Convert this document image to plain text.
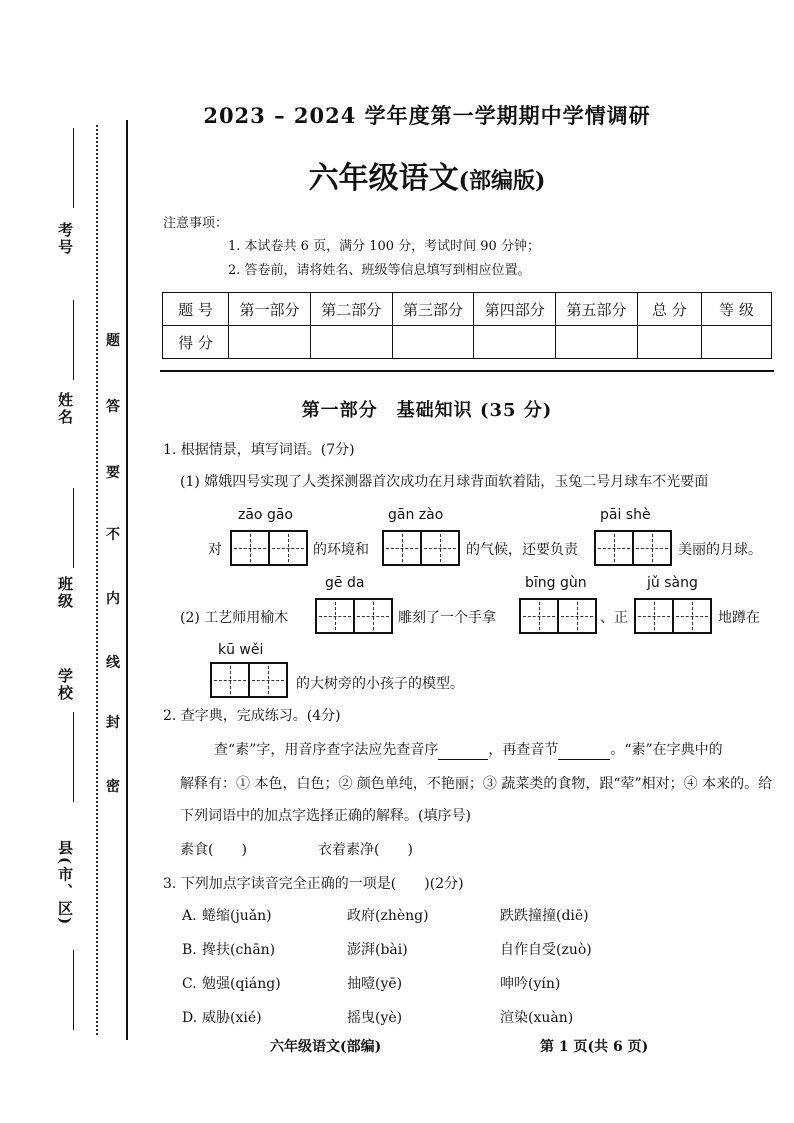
考号
姓名
班级
学校
县(市、区)
题
答
要
不
内
线
封
密
2023 – 2024 学年度第一学期期中学情调研
六年级语文(部编版)
注意事项：
1. 本试卷共 6 页，满分 100 分，考试时间 90 分钟；
2. 答卷前，请将姓名、班级等信息填写到相应位置。
题 号	第一部分	第二部分	第三部分	第四部分	第五部分	总 分	等 级
得 分							
第一部分　基础知识 (35 分)
1. 根据情景，填写词语。(7分)
(1) 嫦娥四号实现了人类探测器首次成功在月球背面软着陆，玉兔二号月球车不光要面
zāo gāo	gān zào	pāi shè
对	的环境和	的气候，还要负责	美丽的月球。
gē da	bīng gùn	jǔ sàng
(2) 工艺师用榆木	雕刻了一个手拿	、正	地蹲在
kū wěi
的大树旁的小孩子的模型。
2. 查字典，完成练习。(4分)
查“素”字，用音序查字法应先查音序	，再查音节	。“素”在字典中的
解释有：① 本色，白色；② 颜色单纯，不艳丽；③ 蔬菜类的食物，跟“荤”相对；④ 本来的。给
下列词语中的加点字选择正确的解释。(填序号)
素食(　　)	衣着素净(　　)
3. 下列加点字读音完全正确的一项是(　　)(2分)
A. 蜷缩(juǎn)	政府(zhèng)	跌跌撞撞(diē)
B. 搀扶(chān)	澎湃(bài)	自作自受(zuò)
C. 勉强(qiáng)	抽噎(yē)	呻吟(yín)
D. 威胁(xié)	摇曳(yè)	渲染(xuàn)
六年级语文(部编)	第 1 页(共 6 页)
